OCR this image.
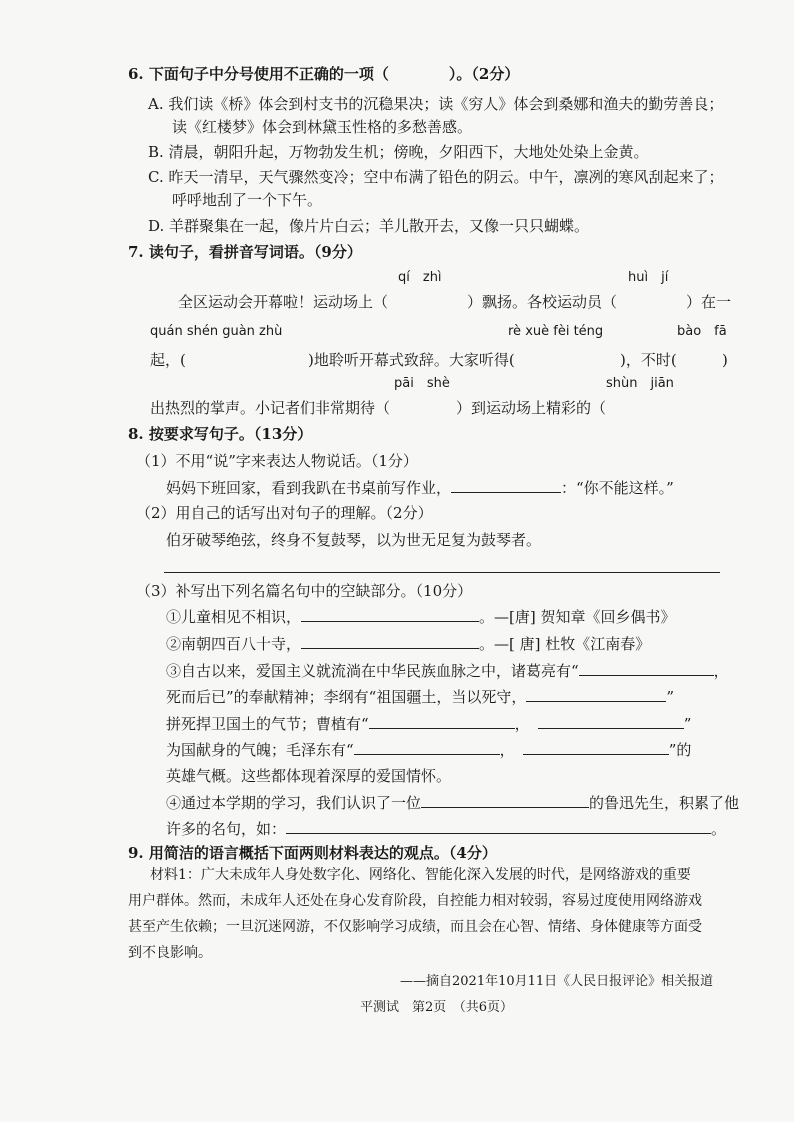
6. 下面句子中分号使用不正确的一项（　　　　）。（2分）
A. 我们读《桥》体会到村支书的沉稳果决；读《穷人》体会到桑娜和渔夫的勤劳善良；
读《红楼梦》体会到林黛玉性格的多愁善感。
B. 清晨，朝阳升起，万物勃发生机；傍晚，夕阳西下，大地处处染上金黄。
C. 昨天一清早，天气骤然变冷；空中布满了铅色的阴云。中午，凛冽的寒风刮起来了；
呼呼地刮了一个下午。
D. 羊群聚集在一起，像片片白云；羊儿散开去，又像一只只蝴蝶。
7. 读句子，看拼音写词语。（9分）
qí　zhì	huì　jí
全区运动会开幕啦！运动场上（	）飘扬。各校运动员（	）在一
quán shén guàn zhù	rè xuè fèi téng	bào　fā
起，(	)地聆听开幕式致辞。大家听得(	)，不时(	)
pāi　shè	shùn　jiān
出热烈的掌声。小记者们非常期待（	）到运动场上精彩的（
8. 按要求写句子。（13分）
（1）不用“说”字来表达人物说话。（1分）
妈妈下班回家，看到我趴在书桌前写作业，	：“你不能这样。”
（2）用自己的话写出对句子的理解。（2分）
伯牙破琴绝弦，终身不复鼓琴，以为世无足复为鼓琴者。
（3）补写出下列名篇名句中的空缺部分。（10分）
①儿童相见不相识，	。—[唐] 贺知章《回乡偶书》
②南朝四百八十寺，	。—[ 唐] 杜牧《江南春》
③自古以来，爱国主义就流淌在中华民族血脉之中，诸葛亮有“	，
死而后已”的奉献精神；李纲有“祖国疆土，当以死守，	”
拼死捍卫国土的气节；曹植有“	，	”
为国献身的气魄；毛泽东有“	，	”的
英雄气概。这些都体现着深厚的爱国情怀。
④通过本学期的学习，我们认识了一位	的鲁迅先生，积累了他
许多的名句，如：	。
9. 用简洁的语言概括下面两则材料表达的观点。（4分）
材料1：广大未成年人身处数字化、网络化、智能化深入发展的时代，是网络游戏的重要
用户群体。然而，未成年人还处在身心发育阶段，自控能力相对较弱，容易过度使用网络游戏
甚至产生依赖；一旦沉迷网游，不仅影响学习成绩，而且会在心智、情绪、身体健康等方面受
到不良影响。
——摘自2021年10月11日《人民日报评论》相关报道
平测试　第2页　（共6页）
